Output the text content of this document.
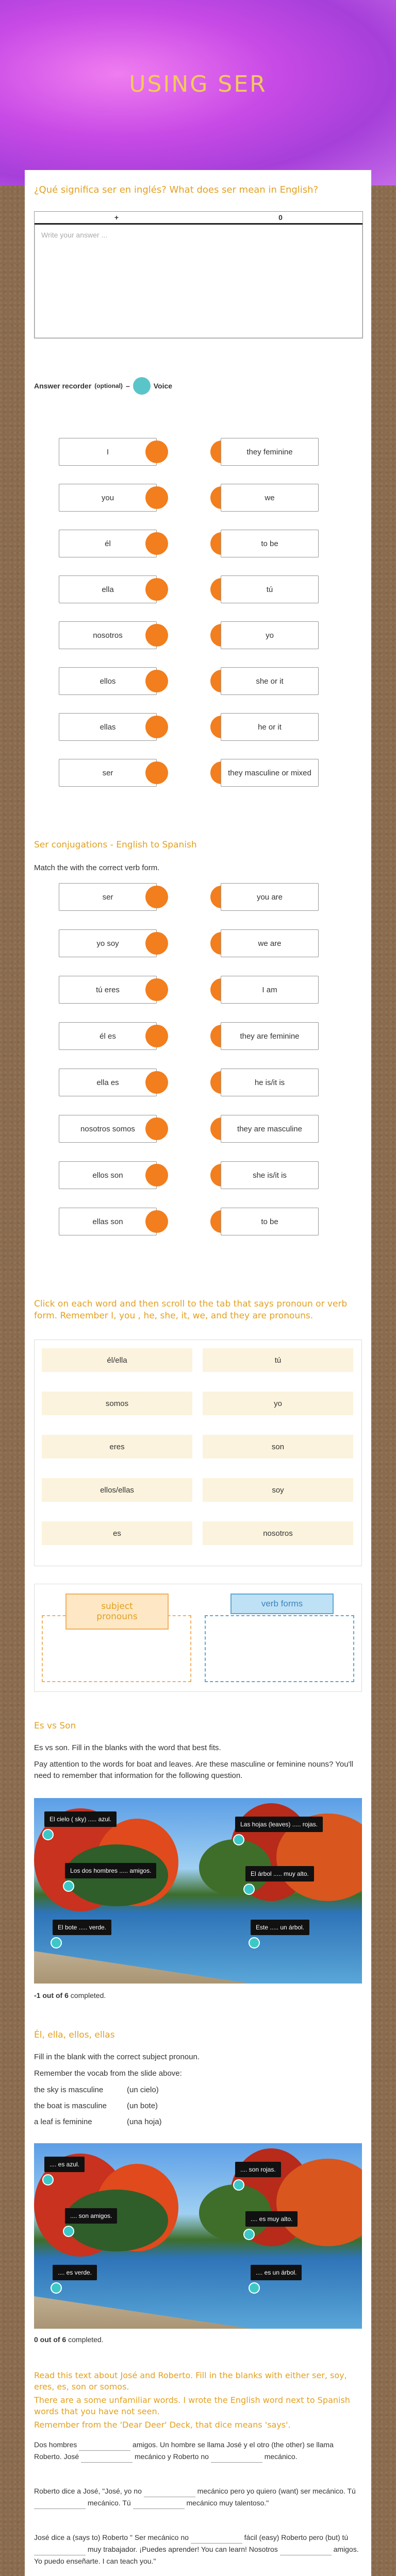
USING SER
¿Qué significa ser en inglés? What does ser mean in English?
+	0
Write your answer ...
Answer recorder (optional) –	Voice
I	they feminine
you	we
él	to be
ella	tú
nosotros	yo
ellos	she or it
ellas	he or it
ser	they masculine or mixed
Ser conjugations - English to Spanish
Match the with the correct verb form.
ser	you are
yo soy	we are
tú eres	I am
él es	they are feminine
ella es	he is/it is
nosotros somos	they are masculine
ellos son	she is/it is
ellas son	to be
Click on each word and then scroll to the tab that says pronoun or verb form. Remember I, you , he, she, it, we, and they are pronouns.
él/ella	tú
somos	yo
eres	son
ellos/ellas	soy
es	nosotros
subject pronouns
verb forms
Es vs Son
Es vs son. Fill in the blanks with the word that best fits.
Pay attention to the words for boat and leaves. Are these masculine or feminine nouns? You'll need to remember that information for the following question.
El cielo ( sky) ..... azul.
Las hojas (leaves) ..... rojas.
Los dos hombres ..... amigos.	El árbol ..... muy alto.
El bote ..... verde.	Este ..... un árbol.
-1 out of 6 completed.
Él, ella, ellos, ellas
Fill in the blank with the correct subject pronoun.
Remember the vocab from the slide above:
the sky is masculine	(un cielo)
the boat is masculine	(un bote)
a leaf is feminine	(una hoja)
.... es azul.
.... son rojas.
.... son amigos.	.... es muy alto.
.... es verde.	.... es un árbol.
0 out of 6 completed.
Read this text about José and Roberto. Fill in the blanks with either ser, soy, eres, es, son or somos.
There are a some unfamiliar words. I wrote the English word next to Spanish words that you have not seen.
Remember from the 'Dear Deer' Deck, that dice means 'says'.
Dos hombres	amigos. Un hombre se llama José y el otro (the other) se llama Roberto. José	mecánico y Roberto no	mecánico.
Roberto dice a José, "José, yo no	mecánico pero yo quiero (want) ser mecánico. Tú  mecánico. Tú	mecánico muy talentoso."
José dice a (says to) Roberto " Ser mecánico no	fácil (easy) Roberto pero (but) tú  muy trabajador. ¡Puedes aprender! You can learn! Nosotros	amigos. Yo puedo enseñarte. I can teach you."
